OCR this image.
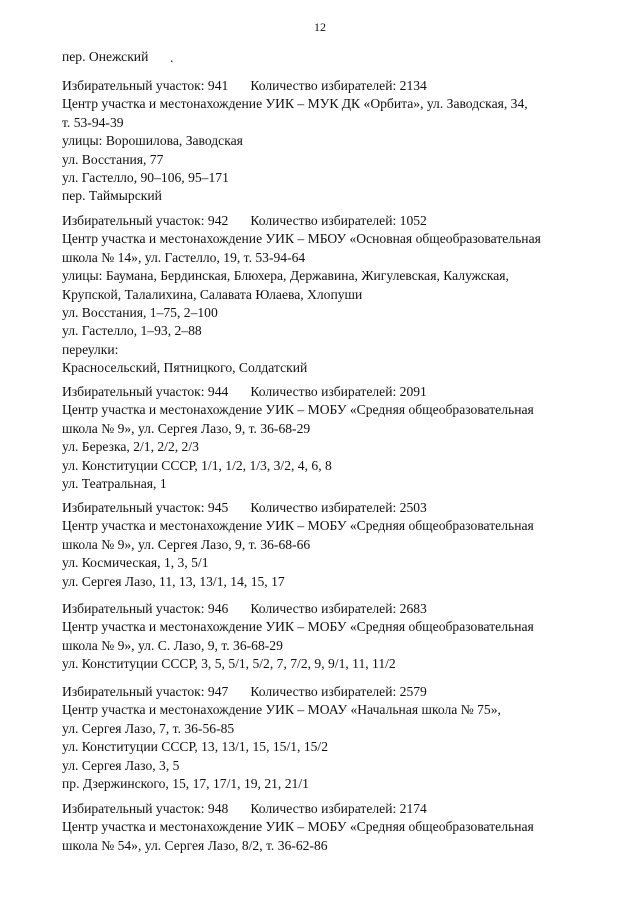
12
пер. Онежский .
Избирательный участок: 941 Количество избирателей: 2134
Центр участка и местонахождение УИК – МУК ДК «Орбита», ул. Заводская, 34,
т. 53-94-39
улицы: Ворошилова, Заводская
ул. Восстания, 77
ул. Гастелло, 90–106, 95–171
пер. Таймырский
Избирательный участок: 942 Количество избирателей: 1052
Центр участка и местонахождение УИК – МБОУ «Основная общеобразовательная
школа № 14», ул. Гастелло, 19, т. 53-94-64
улицы: Баумана, Бердинская, Блюхера, Державина, Жигулевская, Калужская,
Крупской, Талалихина, Салавата Юлаева, Хлопуши
ул. Восстания, 1–75, 2–100
ул. Гастелло, 1–93, 2–88
переулки:
Красносельский, Пятницкого, Солдатский
Избирательный участок: 944 Количество избирателей: 2091
Центр участка и местонахождение УИК – МОБУ «Средняя общеобразовательная
школа № 9», ул. Сергея Лазо, 9, т. 36-68-29
ул. Березка, 2/1, 2/2, 2/3
ул. Конституции СССР, 1/1, 1/2, 1/3, 3/2, 4, 6, 8
ул. Театральная, 1
Избирательный участок: 945 Количество избирателей: 2503
Центр участка и местонахождение УИК – МОБУ «Средняя общеобразовательная
школа № 9», ул. Сергея Лазо, 9, т. 36-68-66
ул. Космическая, 1, 3, 5/1
ул. Сергея Лазо, 11, 13, 13/1, 14, 15, 17
Избирательный участок: 946 Количество избирателей: 2683
Центр участка и местонахождение УИК – МОБУ «Средняя общеобразовательная
школа № 9», ул. С. Лазо, 9, т. 36-68-29
ул. Конституции СССР, 3, 5, 5/1, 5/2, 7, 7/2, 9, 9/1, 11, 11/2
Избирательный участок: 947 Количество избирателей: 2579
Центр участка и местонахождение УИК – МОАУ «Начальная школа № 75»,
ул. Сергея Лазо, 7, т. 36-56-85
ул. Конституции СССР, 13, 13/1, 15, 15/1, 15/2
ул. Сергея Лазо, 3, 5
пр. Дзержинского, 15, 17, 17/1, 19, 21, 21/1
Избирательный участок: 948 Количество избирателей: 2174
Центр участка и местонахождение УИК – МОБУ «Средняя общеобразовательная
школа № 54», ул. Сергея Лазо, 8/2, т. 36-62-86
